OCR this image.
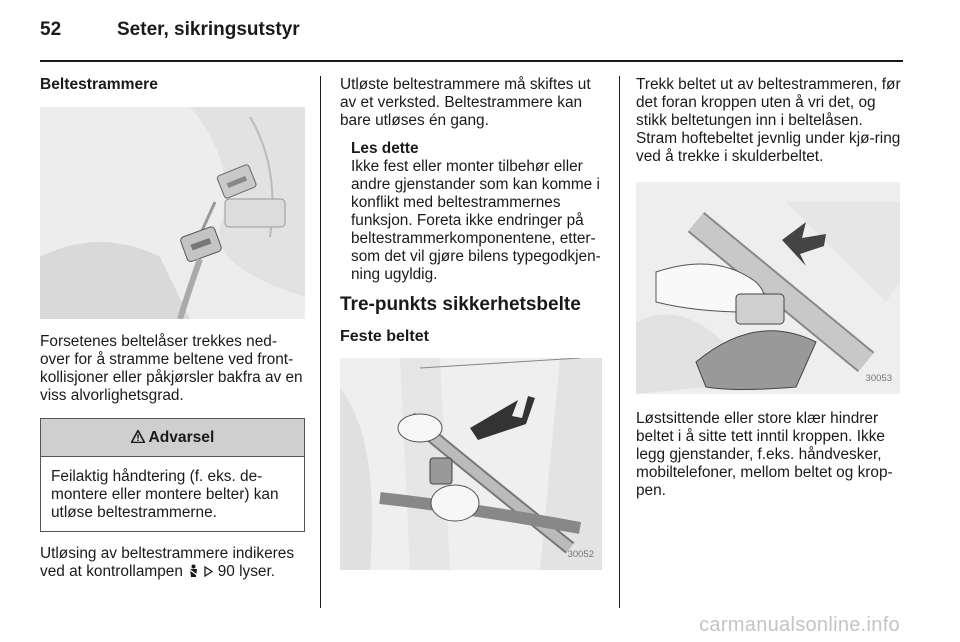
52	Seter, sikringsutstyr

Beltestrammere

Forsetenes beltelåser trekkes ned-over for å stramme beltene ved front-kollisjoner eller påkjørsler bakfra av en viss alvorlighetsgrad.

Advarsel
Feilaktig håndtering (f. eks. de-montere eller montere belter) kan utløse beltestrammerne.

Utløsing av beltestrammere indikeres ved at kontrollampen 90 lyser.

Utløste beltestrammere må skiftes ut av et verksted. Beltestrammere kan bare utløses én gang.

Les dette
Ikke fest eller monter tilbehør eller andre gjenstander som kan komme i konflikt med beltestrammernes funksjon. Foreta ikke endringer på beltestrammerkomponentene, etter-som det vil gjøre bilens typegodkjen-ning ugyldig.
Tre-punkts sikkerhetsbelte
Feste beltet
30052

Trekk beltet ut av beltestrammeren, før det foran kroppen uten å vri det, og stikk beltetungen inn i beltelåsen. Stram hoftebeltet jevnlig under kjø-ring ved å trekke i skulderbeltet.

30053

Løstsittende eller store klær hindrer beltet i å sitte tett inntil kroppen. Ikke legg gjenstander, f.eks. håndvesker, mobiltelefoner, mellom beltet og krop-pen.

carmanualsonline.info
